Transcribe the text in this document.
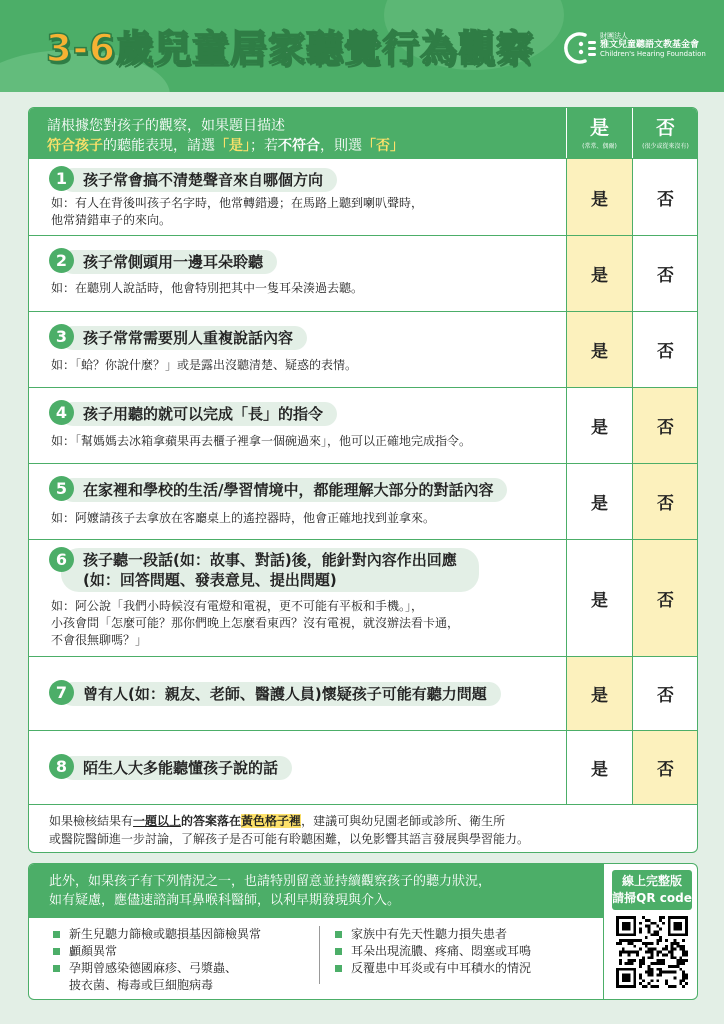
3-6歲兒童居家聽覺行為觀察	財團法人
雅文兒童聽語文教基金會
Children's Hearing Foundation
請根據您對孩子的觀察，如果題目描述
符合孩子的聽能表現，請選「是」；若不符合，則選「否」
是
(常常、偶爾)
否
(很少或從來沒有)
孩子常會搞不清楚聲音來自哪個方向
1
如：有人在背後叫孩子名字時，他常轉錯邊；在馬路上聽到喇叭聲時，
他常猜錯車子的來向。
是	否
孩子常側頭用一邊耳朵聆聽
2
如：在聽別人說話時，他會特別把其中一隻耳朵湊過去聽。
是	否
孩子常常需要別人重複說話內容
3
如：「蛤？你說什麼？」或是露出沒聽清楚、疑惑的表情。
是	否
孩子用聽的就可以完成「長」的指令
4
如：「幫媽媽去冰箱拿蘋果再去櫃子裡拿一個碗過來」，他可以正確地完成指令。
是	否
在家裡和學校的生活/學習情境中，都能理解大部分的對話內容
5
如：阿嬤請孩子去拿放在客廳桌上的遙控器時，他會正確地找到並拿來。
是	否
孩子聽一段話(如：故事、對話)後，能針對內容作出回應
(如：回答問題、發表意見、提出問題)
6
如：阿公說「我們小時候沒有電燈和電視，更不可能有平板和手機。」，
小孩會問「怎麼可能？那你們晚上怎麼看東西？沒有電視，就沒辦法看卡通，
不會很無聊嗎？」
是	否
曾有人(如：親友、老師、醫護人員)懷疑孩子可能有聽力問題
7	是	否
陌生人大多能聽懂孩子說的話
8	是	否
如果檢核結果有一題以上的答案落在黃色格子裡，建議可與幼兒園老師或診所、衛生所
或醫院醫師進一步討論，了解孩子是否可能有聆聽困難，以免影響其語言發展與學習能力。
此外，如果孩子有下列情況之一，也請特別留意並持續觀察孩子的聽力狀況，
如有疑慮，應儘速諮詢耳鼻喉科醫師，以利早期發現與介入。
新生兒聽力篩檢或聽損基因篩檢異常
顱顏異常
孕期曾感染德國麻疹、弓漿蟲、
披衣菌、梅毒或巨細胞病毒
家族中有先天性聽力損失患者
耳朵出現流膿、疼痛、悶塞或耳鳴
反覆患中耳炎或有中耳積水的情況
線上完整版
請掃QR code
